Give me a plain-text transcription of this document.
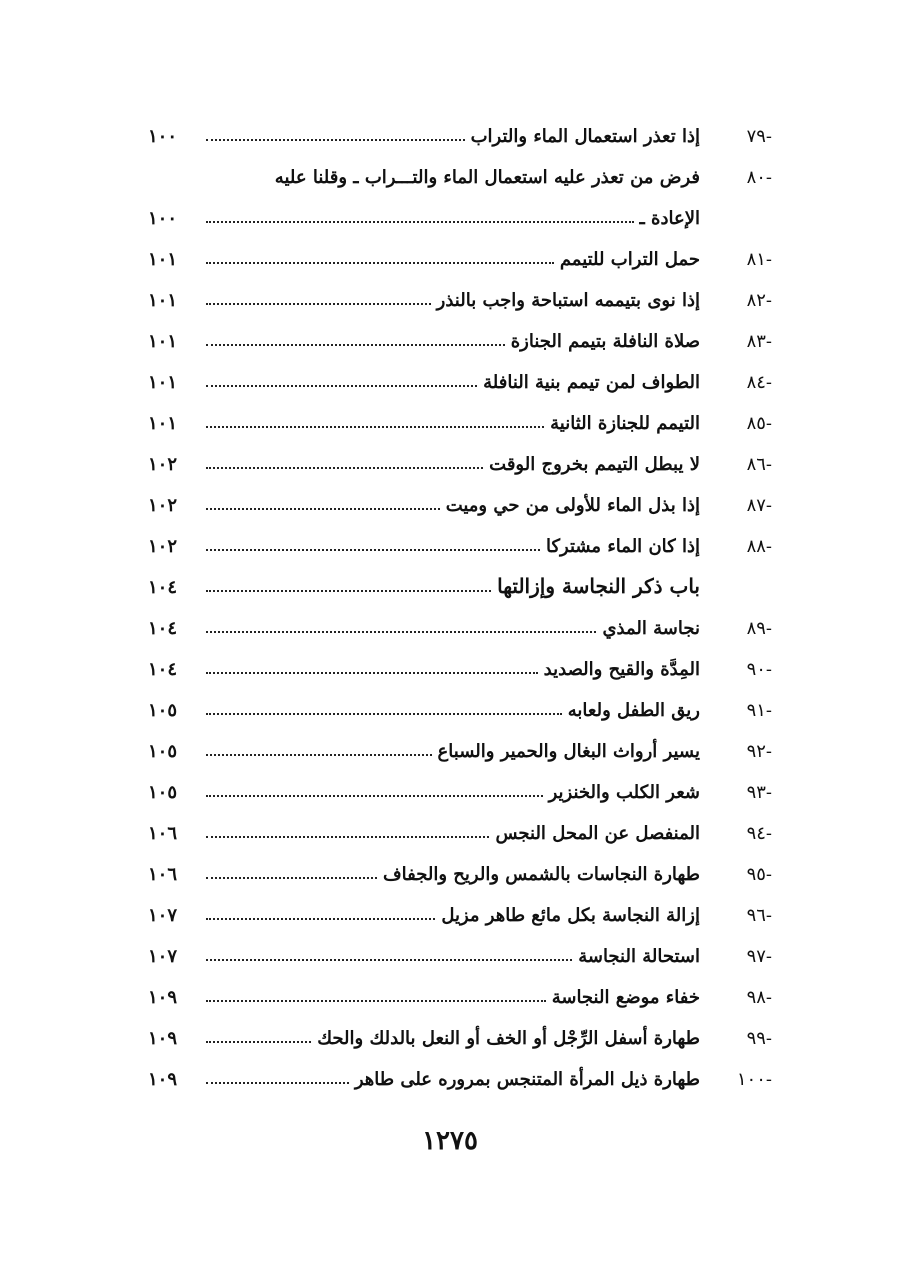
-٧٩
إذا تعذر استعمال الماء والتراب
١٠٠
-٨٠
فرض من تعذر عليه استعمال الماء والتـــراب ـ وقلنا عليه
الإعادة ـ
١٠٠
-٨١
حمل التراب للتيمم
١٠١
-٨٢
إذا نوى بتيممه استباحة واجب بالنذر
١٠١
-٨٣
صلاة النافلة بتيمم الجنازة
١٠١
-٨٤
الطواف لمن تيمم بنية النافلة
١٠١
-٨٥
التيمم للجنازة الثانية
١٠١
-٨٦
لا يبطل التيمم بخروج الوقت
١٠٢
-٨٧
إذا بذل الماء للأولى من حي وميت
١٠٢
-٨٨
إذا كان الماء مشتركا
١٠٢
باب ذكر النجاسة وإزالتها
١٠٤
-٨٩
نجاسة المذي
١٠٤
-٩٠
المِدَّة والقيح والصديد
١٠٤
-٩١
ريق الطفل ولعابه
١٠٥
-٩٢
يسير أرواث البغال والحمير والسباع
١٠٥
-٩٣
شعر الكلب والخنزير
١٠٥
-٩٤
المنفصل عن المحل النجس
١٠٦
-٩٥
طهارة النجاسات بالشمس والريح والجفاف
١٠٦
-٩٦
إزالة النجاسة بكل مائع طاهر مزيل
١٠٧
-٩٧
استحالة النجاسة
١٠٧
-٩٨
خفاء موضع النجاسة
١٠٩
-٩٩
طهارة أسفل الرِّجْل أو الخف أو النعل بالدلك والحك
١٠٩
-١٠٠
طهارة ذيل المرأة المتنجس بمروره على طاهر
١٠٩
١٢٧٥
